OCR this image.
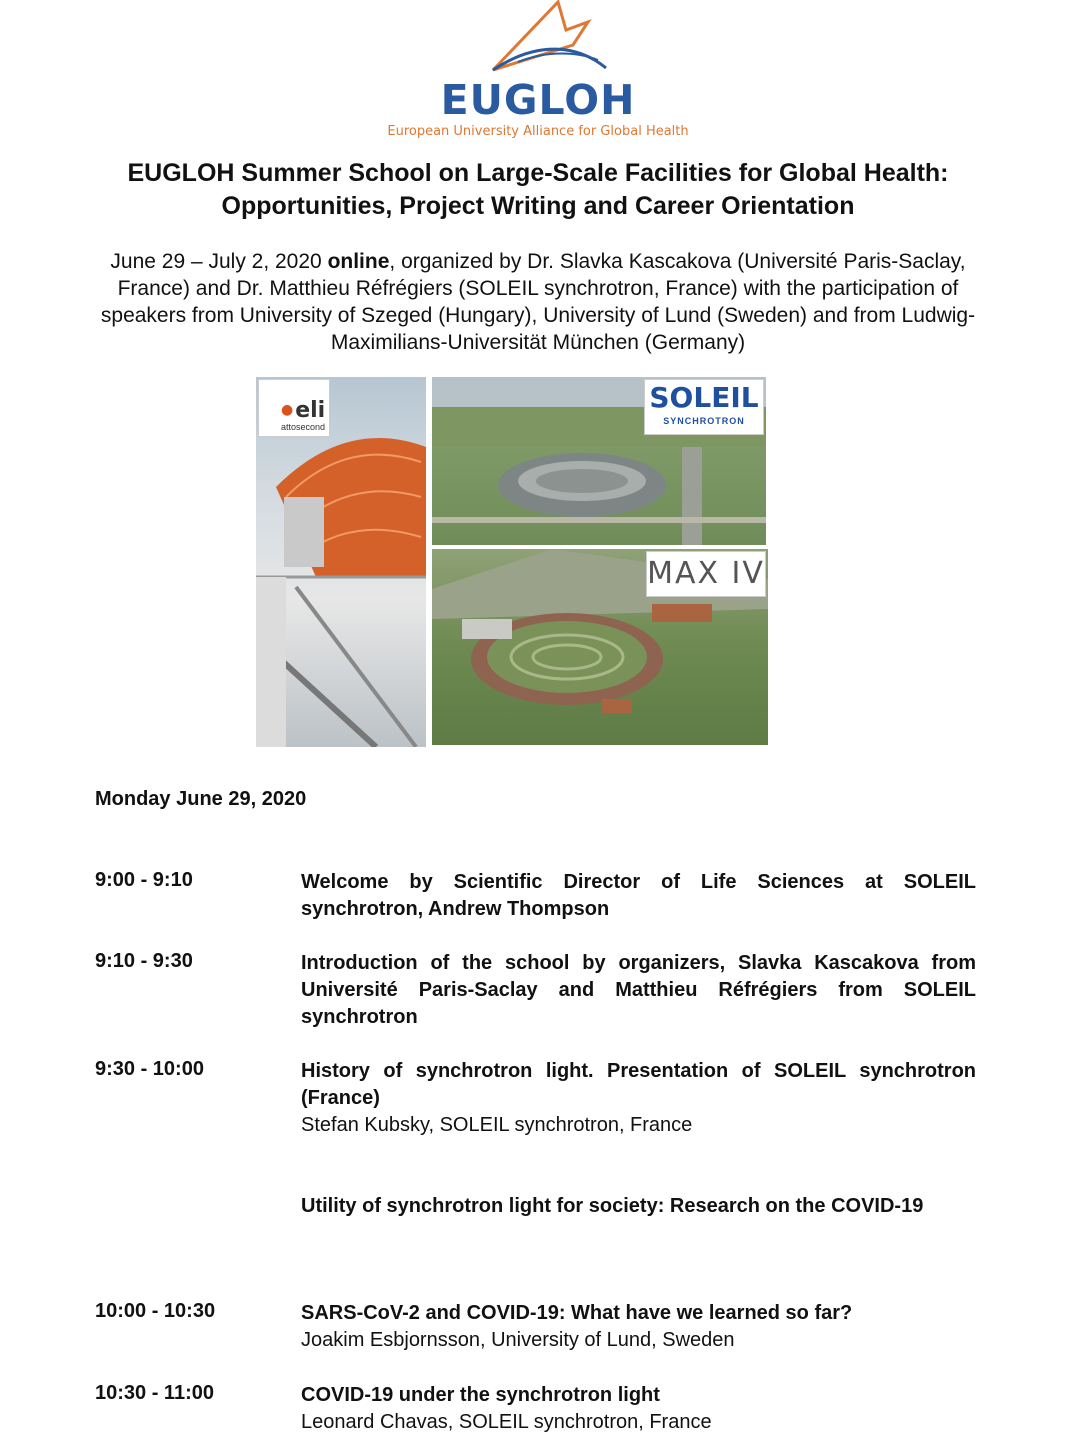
EUGLOH
European University Alliance for Global Health
EUGLOH Summer School on Large-Scale Facilities for Global Health: Opportunities, Project Writing and Career Orientation
June 29 – July 2, 2020 online, organized by Dr. Slavka Kascakova (Université Paris-Saclay, France) and Dr. Matthieu Réfrégiers (SOLEIL synchrotron, France) with the participation of speakers from University of Szeged (Hungary), University of Lund (Sweden) and from Ludwig-Maximilians-Universität München (Germany)
● eli
attosecond
SOLEIL
SYNCHROTRON
MAX IV
Monday June 29, 2020
9:00 - 9:10	Welcome by Scientific Director of Life Sciences at SOLEIL synchrotron, Andrew Thompson
9:10 - 9:30	Introduction of the school by organizers, Slavka Kascakova from Université Paris-Saclay and Matthieu Réfrégiers from SOLEIL synchrotron
9:30 - 10:00	History of synchrotron light. Presentation of SOLEIL synchrotron (France)
Stefan Kubsky, SOLEIL synchrotron, France
Utility of synchrotron light for society: Research on the COVID-19
10:00 - 10:30	SARS-CoV-2 and COVID-19: What have we learned so far?
Joakim Esbjornsson, University of Lund, Sweden
10:30 - 11:00	COVID-19 under the synchrotron light
Leonard Chavas, SOLEIL synchrotron, France
